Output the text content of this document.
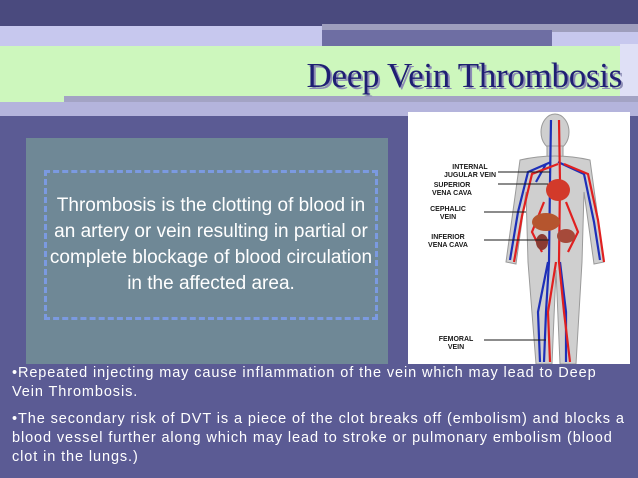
Deep Vein Thrombosis
Thrombosis is the clotting of blood in an artery or vein resulting in partial or complete blockage of blood circulation in the affected area.
INTERNAL
JUGULAR VEIN
SUPERIOR
VENA CAVA
CEPHALIC
VEIN
INFERIOR
VENA CAVA
FEMORAL
VEIN
•Repeated injecting may cause inflammation of the vein which may lead to Deep Vein Thrombosis.
•The secondary risk of DVT is a piece of the clot breaks off (embolism) and blocks a blood vessel further along which may lead to stroke or pulmonary embolism (blood clot in the lungs.)
